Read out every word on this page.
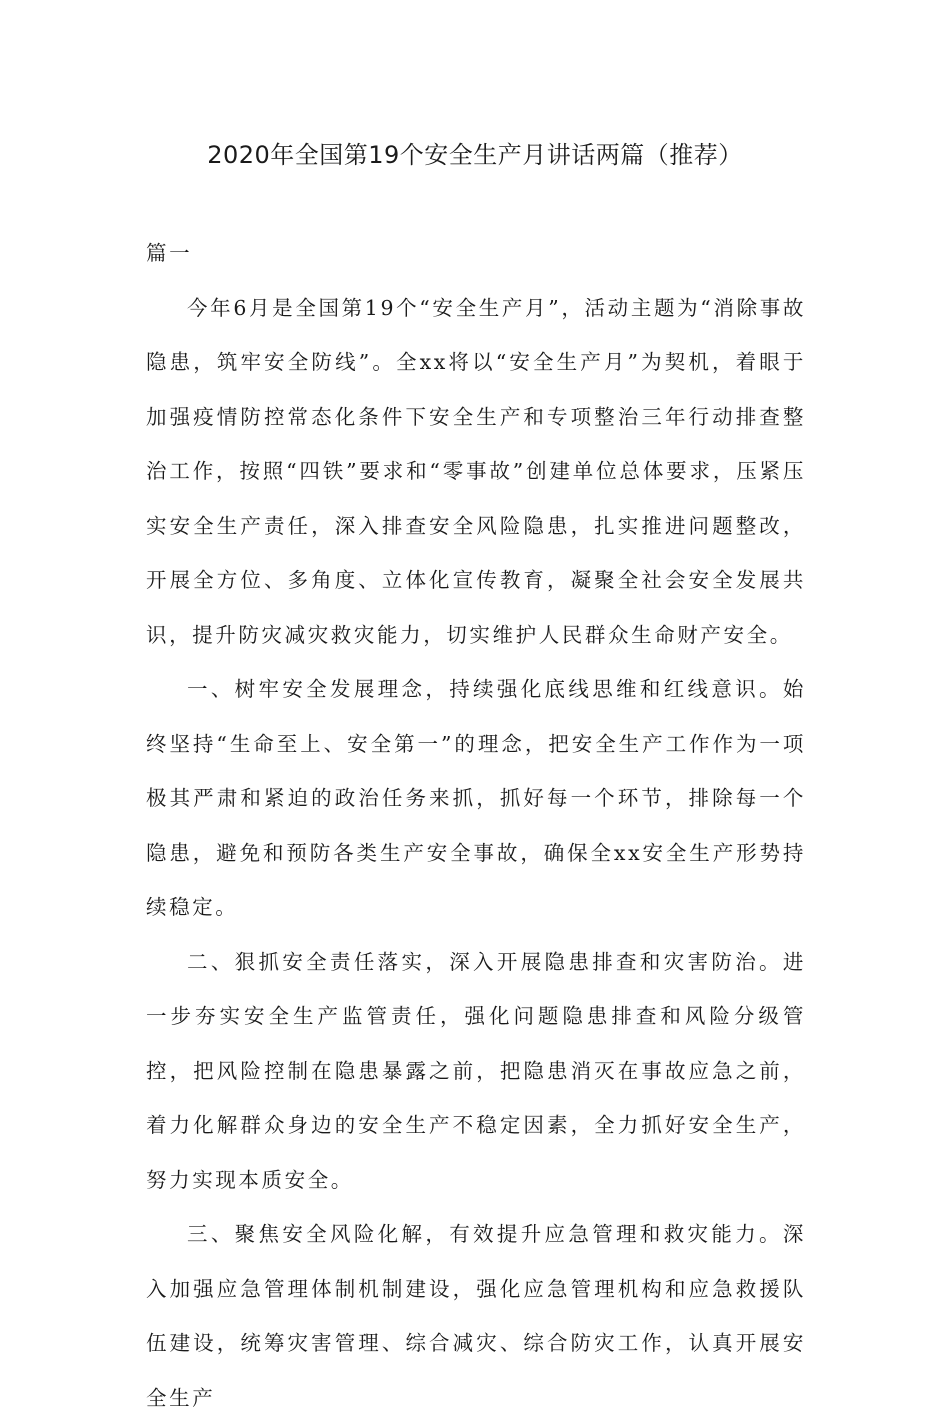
2020年全国第19个安全生产月讲话两篇（推荐）

篇一

今年6月是全国第19个“安全生产月”，活动主题为“消除事故隐患，筑牢安全防线”。全xx将以“安全生产月”为契机，着眼于加强疫情防控常态化条件下安全生产和专项整治三年行动排查整治工作，按照“四铁”要求和“零事故”创建单位总体要求，压紧压实安全生产责任，深入排查安全风险隐患，扎实推进问题整改，开展全方位、多角度、立体化宣传教育，凝聚全社会安全发展共识，提升防灾减灾救灾能力，切实维护人民群众生命财产安全。

一、树牢安全发展理念，持续强化底线思维和红线意识。始终坚持“生命至上、安全第一”的理念，把安全生产工作作为一项极其严肃和紧迫的政治任务来抓，抓好每一个环节，排除每一个隐患，避免和预防各类生产安全事故，确保全xx安全生产形势持续稳定。

二、狠抓安全责任落实，深入开展隐患排查和灾害防治。进一步夯实安全生产监管责任，强化问题隐患排查和风险分级管控，把风险控制在隐患暴露之前，把隐患消灭在事故应急之前，着力化解群众身边的安全生产不稳定因素，全力抓好安全生产，努力实现本质安全。

三、聚焦安全风险化解，有效提升应急管理和救灾能力。深入加强应急管理体制机制建设，强化应急管理机构和应急救援队伍建设，统筹灾害管理、综合减灾、综合防灾工作，认真开展安全生产
